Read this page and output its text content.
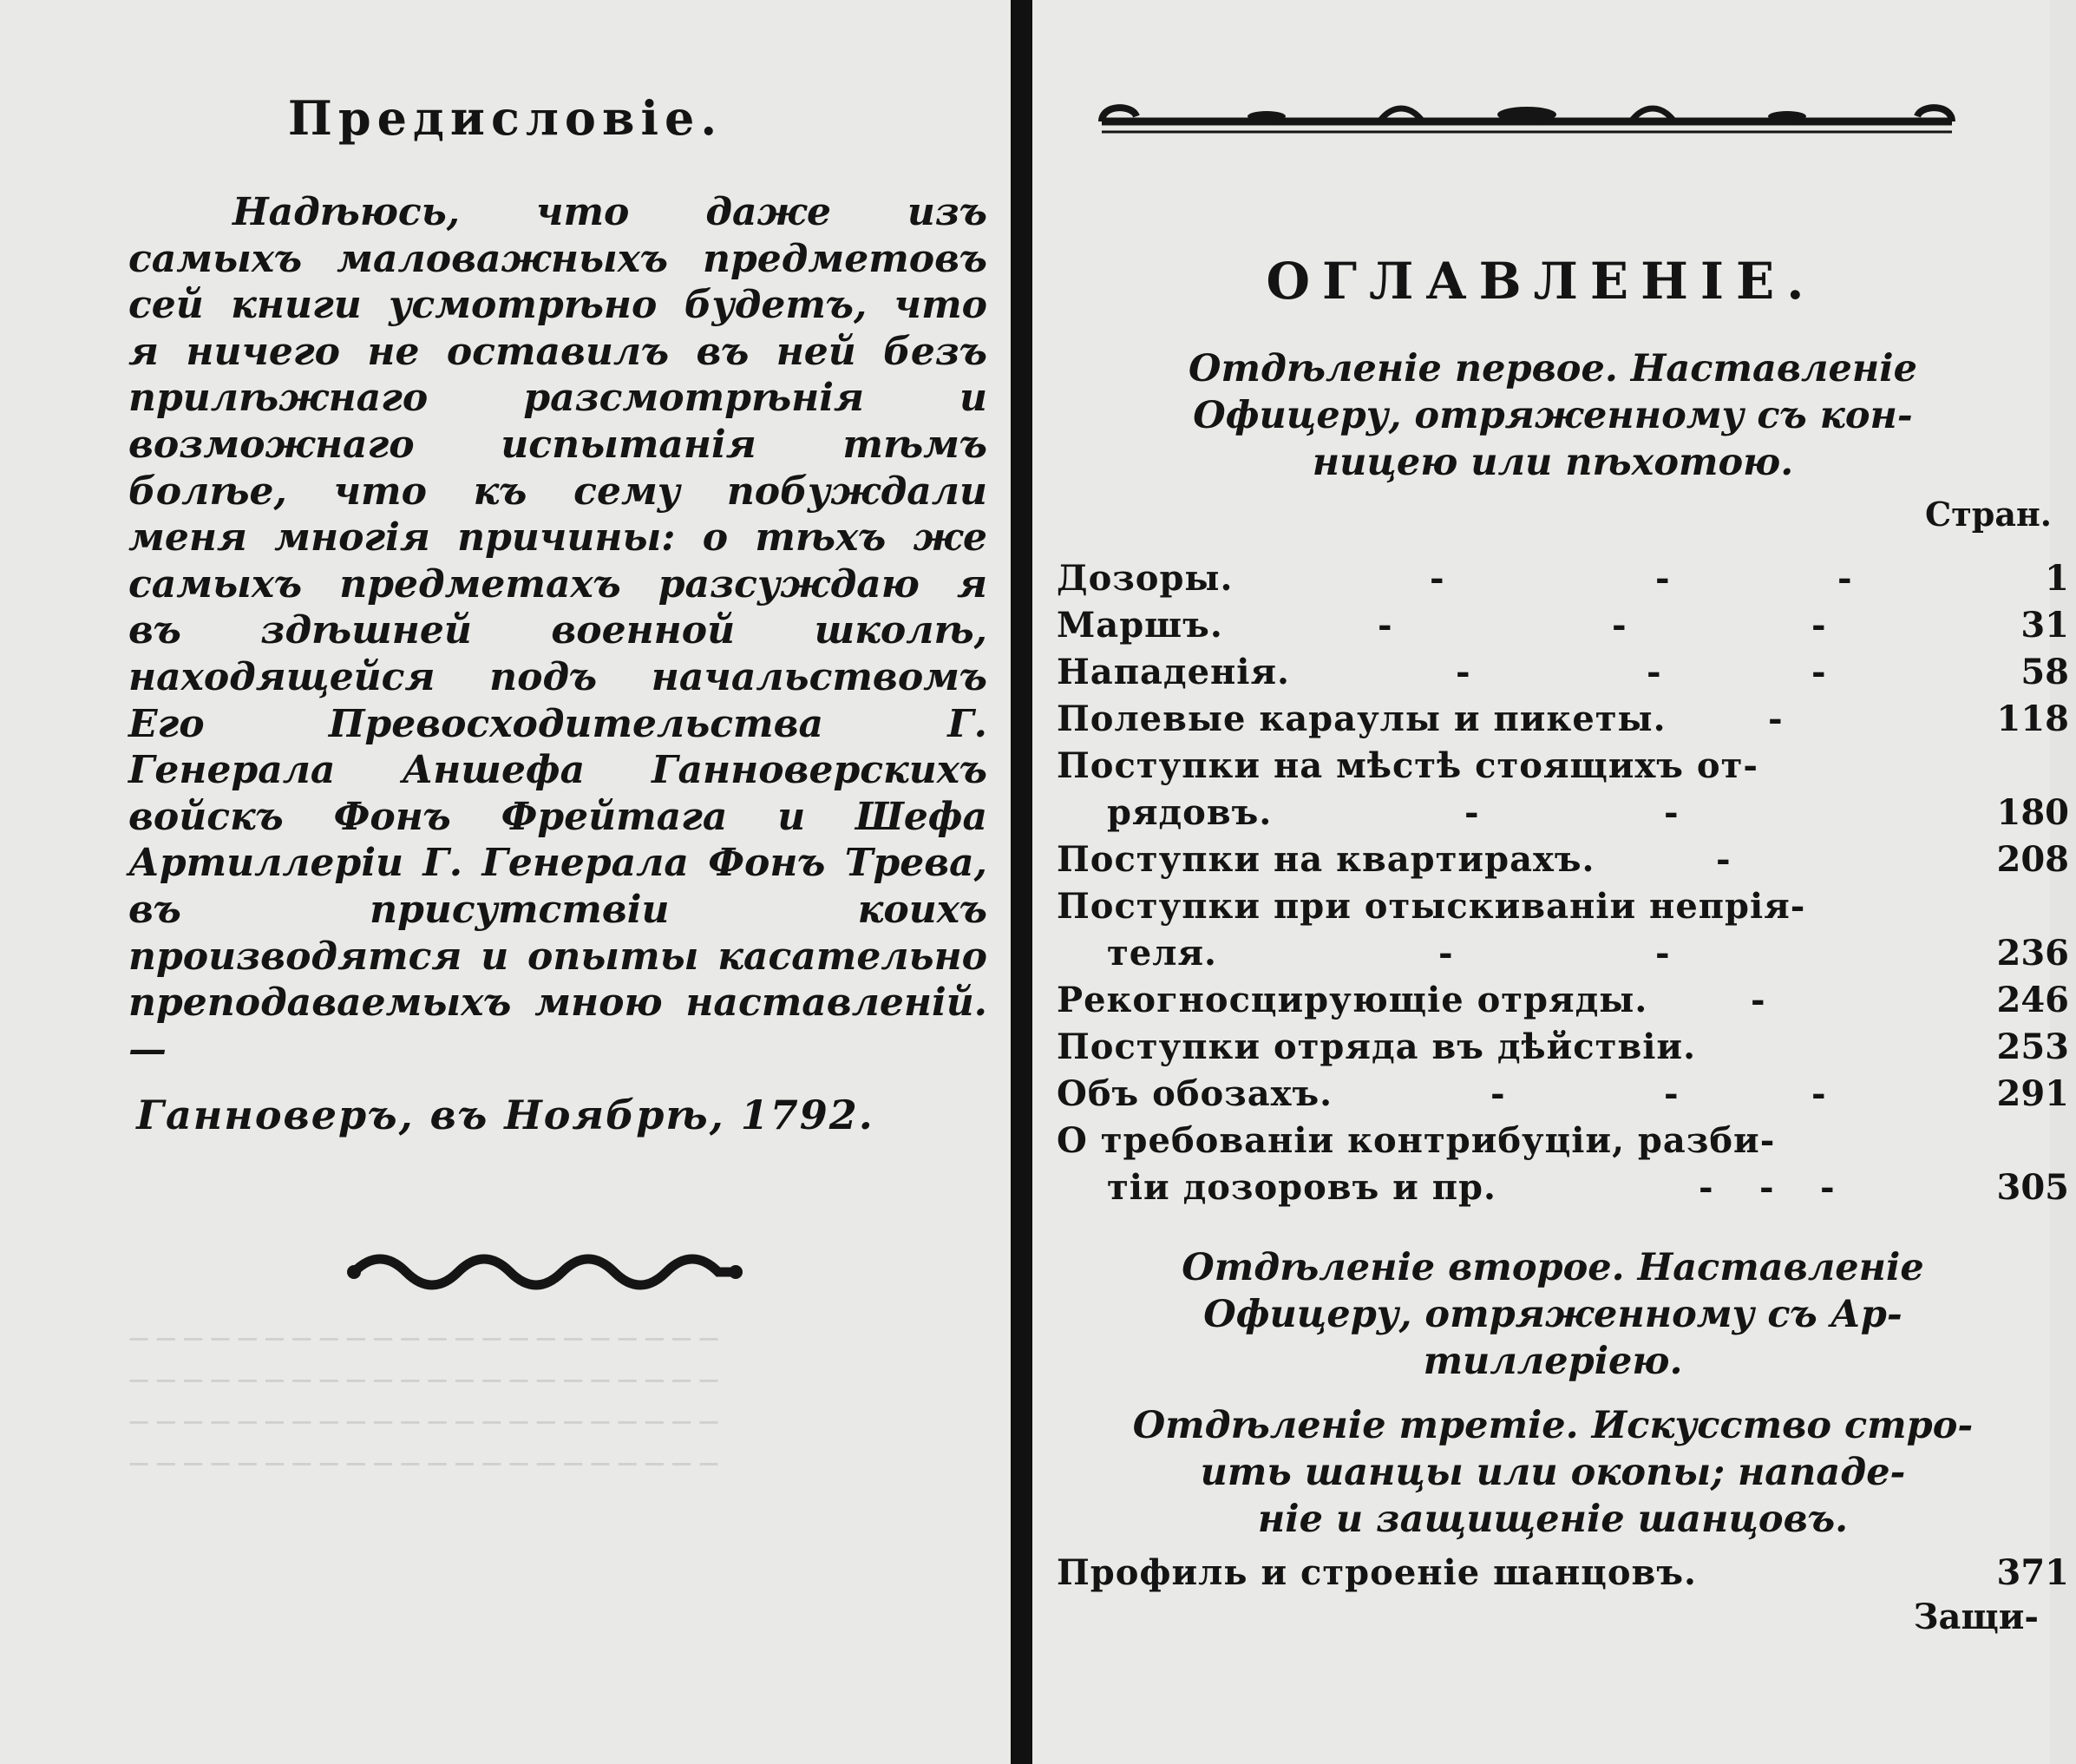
─ ─ ─ ─ ─ ─ ─ ─ ─ ─ ─ ─ ─ ─ ─ ─ ─ ─ ─ ─ ─ ─
─ ─ ─ ─ ─ ─ ─ ─ ─ ─ ─ ─ ─ ─ ─ ─ ─ ─ ─ ─ ─ ─
─ ─ ─ ─ ─ ─ ─ ─ ─ ─ ─ ─ ─ ─ ─ ─ ─ ─ ─ ─ ─ ─
─ ─ ─ ─ ─ ─ ─ ─ ─ ─ ─ ─ ─ ─ ─ ─ ─ ─ ─ ─ ─ ─
Предисловіе.
Надѣюсь, что даже изъ самыхъ маловажныхъ предметовъ сей книги усмотрѣно будетъ, что я ничего не оставилъ въ ней безъ прилѣжнаго разсмотрѣнія и возможнаго испытанія тѣмъ болѣе, что къ сему побуждали меня многія причины: о тѣхъ же самыхъ предметахъ разсуждаю я въ здѣшней военной школѣ, находящейся подъ начальствомъ Его Превосходительства Г. Генерала Аншефа Ганноверскихъ войскъ Фонъ Фрейтага и Шефа Артиллеріи Г. Генерала Фонъ Трева, въ присутствіи коихъ производятся и опыты касательно преподаваемыхъ мною наставленій. —
Ганноверъ, въ Ноябрѣ, 1792.
ОГЛАВЛЕНІЕ.
Отдѣленіе первое. Наставленіе
Офицеру, отряженному съ кон-
ницею или пѣхотою.
Стран.
Дозоры.	-	-	-	1
Маршъ.	-	-	-	31
Нападенія.	-	-	-	58
Полевые караулы и пикеты.	-	118
Поступки на мѣстѣ стоящихъ от-
рядовъ.	-	-	180
Поступки на квартирахъ.	-	208
Поступки при отыскиваніи непрія-
теля.	-	-	236
Рекогносцирующіе отряды.	-	246
Поступки отряда въ дѣйствіи.	253
Объ обозахъ.	-	-	-	291
О требованіи контрибуціи, разби-
тіи дозоровъ и пр.	- - -	305
Отдѣленіе второе. Наставленіе
Офицеру, отряженному съ Ар-
тиллеріею.
Отдѣленіе третіе. Искусство стро-
ить шанцы или окопы; нападе-
ніе и защищеніе шанцовъ.
Профиль и строеніе шанцовъ.	371
Защи-
